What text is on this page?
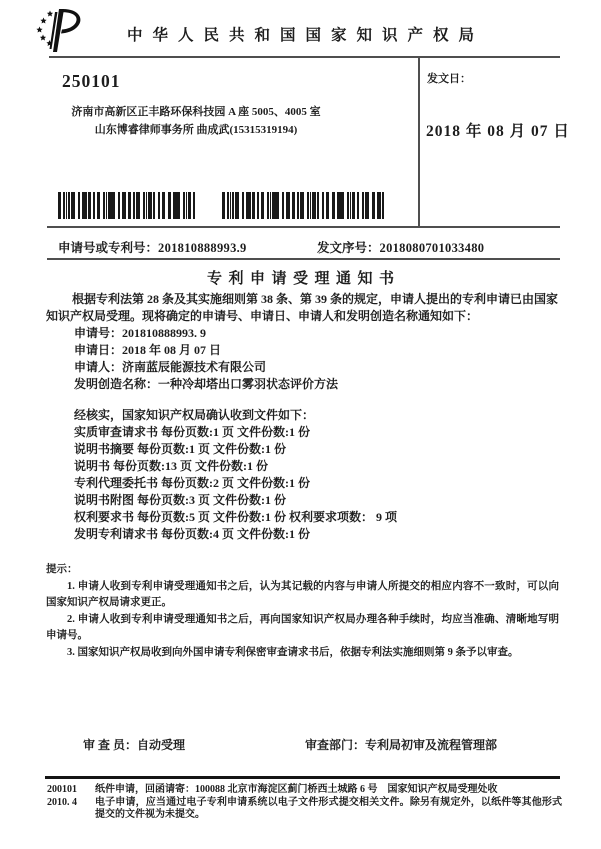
中华人民共和国国家知识产权局
250101
济南市高新区正丰路环保科技园 A 座 5005、4005 室
山东博睿律师事务所 曲成武(15315319194)
发文日：
2018 年 08 月 07 日
申请号或专利号：201810888993.9	发文序号：2018080701033480
专利申请受理通知书

根据专利法第 28 条及其实施细则第 38 条、第 39 条的规定，申请人提出的专利申请已由国家知识产权局受理。现将确定的申请号、申请日、申请人和发明创造名称通知如下：

申请号：201810888993. 9

申请日：2018 年 08 月 07 日

申请人：济南蓝辰能源技术有限公司

发明创造名称：一种冷却塔出口雾羽状态评价方法

经核实，国家知识产权局确认收到文件如下：

实质审查请求书 每份页数:1 页 文件份数:1 份

说明书摘要 每份页数:1 页 文件份数:1 份

说明书 每份页数:13 页 文件份数:1 份

专利代理委托书 每份页数:2 页 文件份数:1 份

说明书附图 每份页数:3 页 文件份数:1 份

权利要求书 每份页数:5 页 文件份数:1 份 权利要求项数： 9 项

发明专利请求书 每份页数:4 页 文件份数:1 份

提示：

1. 申请人收到专利申请受理通知书之后，认为其记载的内容与申请人所提交的相应内容不一致时，可以向国家知识产权局请求更正。

2. 申请人收到专利申请受理通知书之后，再向国家知识产权局办理各种手续时，均应当准确、清晰地写明申请号。

3. 国家知识产权局收到向外国申请专利保密审查请求书后，依据专利法实施细则第 9 条予以审查。

审 查 员：自动受理	审查部门：专利局初审及流程管理部
200101	纸件申请，回函请寄：100088 北京市海淀区蓟门桥西土城路 6 号　国家知识产权局受理处收
2010. 4	电子申请，应当通过电子专利申请系统以电子文件形式提交相关文件。除另有规定外，以纸件等其他形式提交的文件视为未提交。
